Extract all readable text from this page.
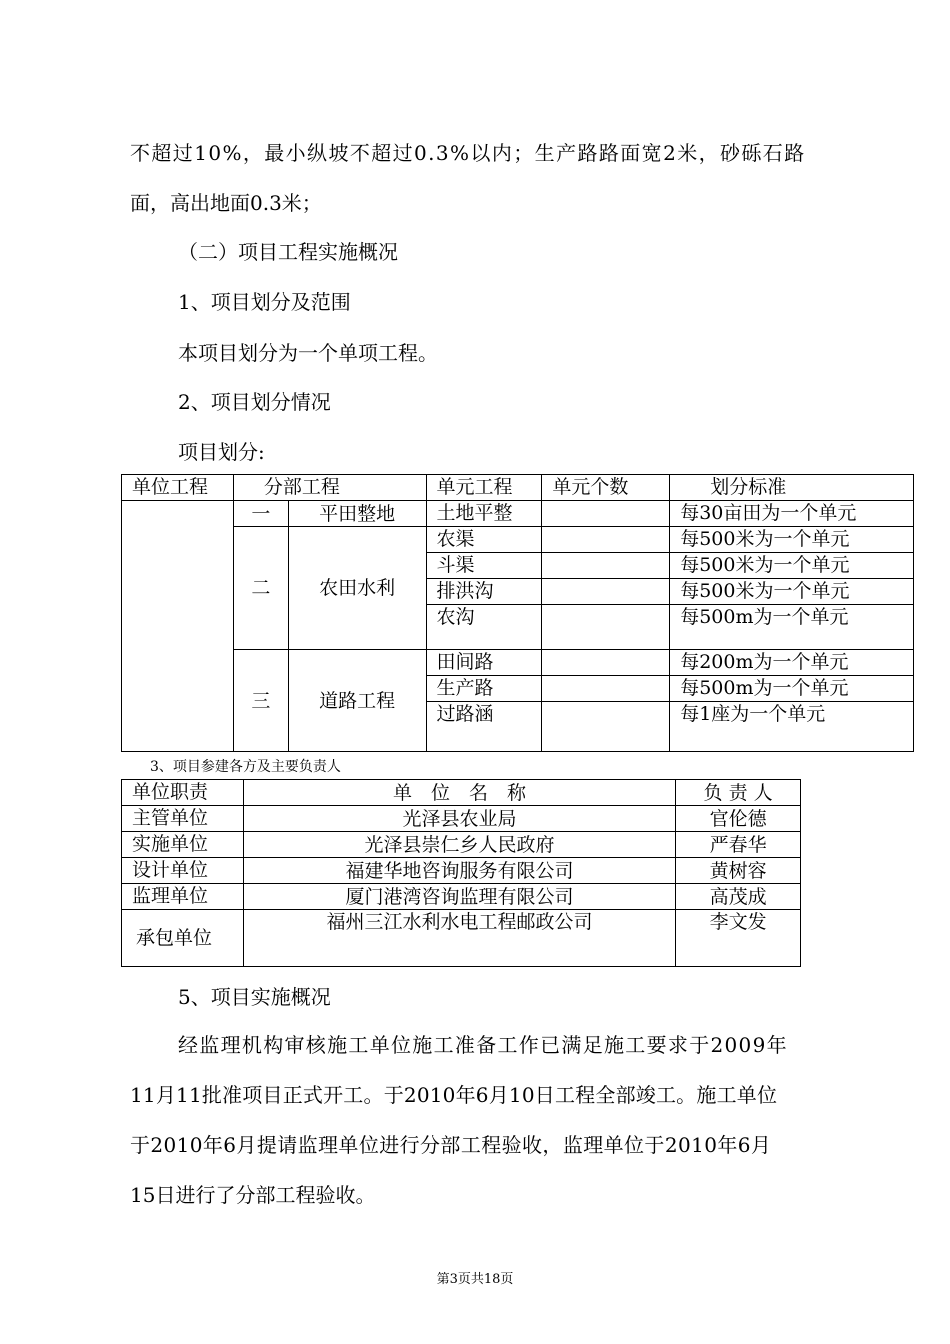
不超过10%，最小纵坡不超过0.3%以内；生产路路面宽2米，砂砾石路
面，高出地面0.3米；
（二）项目工程实施概况
1、项目划分及范围
本项目划分为一个单项工程。
2、项目划分情况
项目划分:
单位工程	分部工程		单元工程	单元个数	划分标准
	一	平田整地	土地平整		每30亩田为一个单元
	二	农田水利	农渠		每500米为一个单元
			斗渠		每500米为一个单元
			排洪沟		每500米为一个单元
			农沟		每500m为一个单元
	三	道路工程	田间路		每200m为一个单元
			生产路		每500m为一个单元
			过路涵		每1座为一个单元
3、项目参建各方及主要负责人
单位职责	单　位　名　称	负 责 人
主管单位	光泽县农业局	官伦德
实施单位	光泽县崇仁乡人民政府	严春华
设计单位	福建华地咨询服务有限公司	黄树容
监理单位	厦门港湾咨询监理有限公司	高茂成
承包单位	福州三江水利水电工程邮政公司	李文发
5、项目实施概况
经监理机构审核施工单位施工准备工作已满足施工要求于2009年
11月11批准项目正式开工。于2010年6月10日工程全部竣工。施工单位
于2010年6月提请监理单位进行分部工程验收，监理单位于2010年6月
15日进行了分部工程验收。
第3页共18页
